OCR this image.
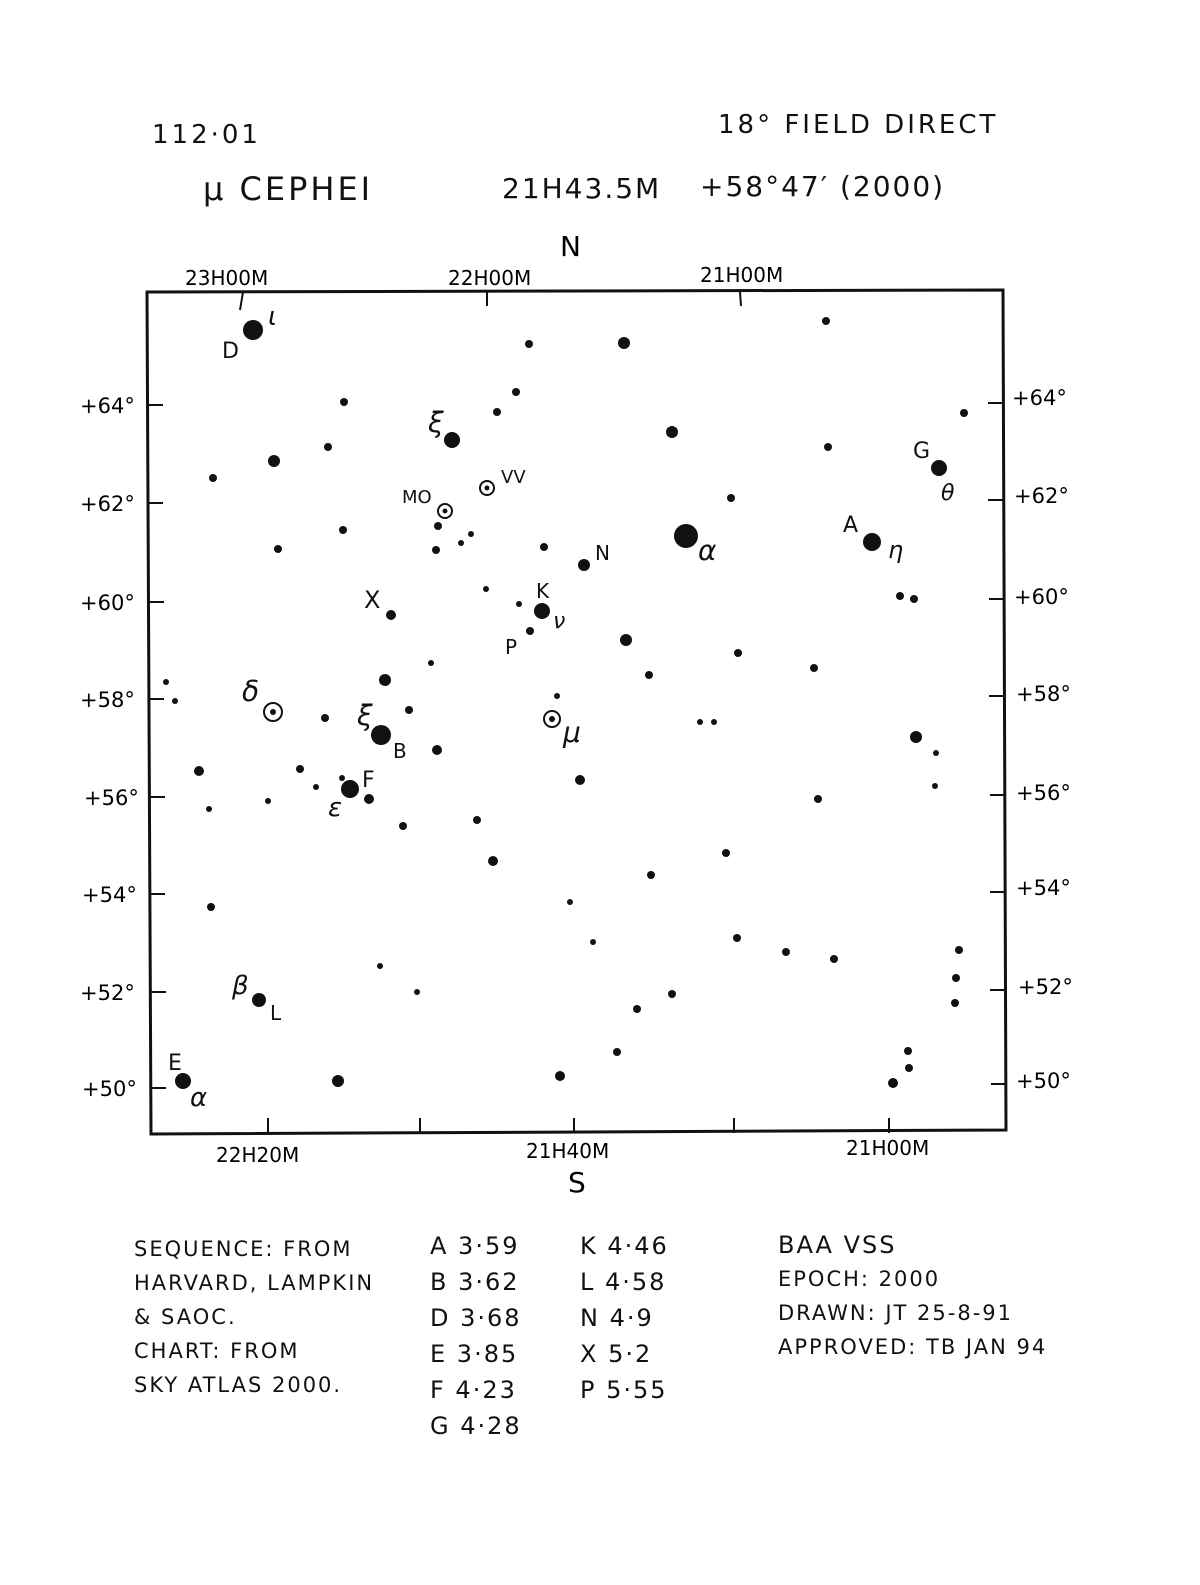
112·01	18° FIELD DIRECT
μ CEPHEI	21H43.5M +58°47′ (2000)
N
S
23H00M	22H00M	21H00M
22H20M	21H40M	21H00M
+64°
+62°
+60°
+58°
+56°
+54°
+52°
+50°
+64°
+62°
+60°
+58°
+56°
+54°
+52°
+50°
D
ι
ξ
MO
VV
G
θ
A
η
α
N
K
ν
P
X
δ
ξ
B
μ
F
ε
β
L
E
α
SEQUENCE: FROM
HARVARD, LAMPKIN
& SAOC.
CHART: FROM
SKY ATLAS 2000.
A 3·59
B 3·62
D 3·68
E 3·85
F 4·23
G 4·28
K 4·46
L 4·58
N 4·9
X 5·2
P 5·55
BAA VSS
EPOCH: 2000
DRAWN: JT 25-8-91
APPROVED: TB JAN 94
